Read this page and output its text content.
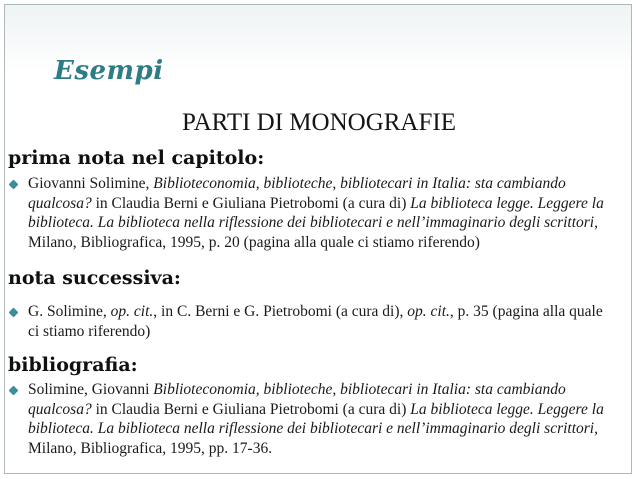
Esempi
PARTI DI MONOGRAFIE
prima nota nel capitolo:
Giovanni Solimine, Biblioteconomia, biblioteche, bibliotecari in Italia: sta cambiando qualcosa? in Claudia Berni e Giuliana Pietrobomi (a cura di) La biblioteca legge. Leggere la biblioteca. La biblioteca nella riflessione dei bibliotecari e nell’immaginario degli scrittori, Milano, Bibliografica, 1995, p. 20 (pagina alla quale ci stiamo riferendo)
nota successiva:
G. Solimine, op. cit., in C. Berni e G. Pietrobomi (a cura di), op. cit., p. 35 (pagina alla quale ci stiamo riferendo)
bibliografia:
Solimine, Giovanni Biblioteconomia, biblioteche, bibliotecari in Italia: sta cambiando qualcosa? in Claudia Berni e Giuliana Pietrobomi (a cura di) La biblioteca legge. Leggere la biblioteca. La biblioteca nella riflessione dei bibliotecari e nell’immaginario degli scrittori, Milano, Bibliografica, 1995, pp. 17-36.
